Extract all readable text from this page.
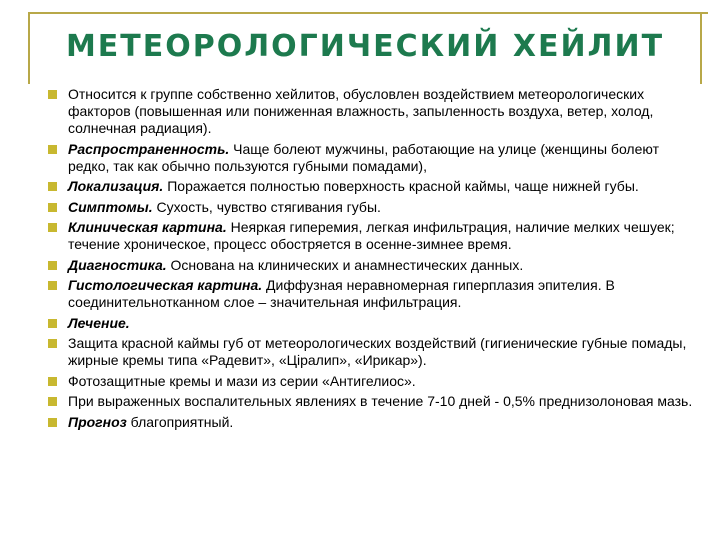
МЕТЕОРОЛОГИЧЕСКИЙ ХЕЙЛИТ
Относится к группе собственно хейлитов, обусловлен воздействием метеорологических факторов (повышенная или пониженная влажность, запыленность воздуха, ветер, холод, солнечная радиация).
Распространенность. Чаще болеют мужчины, работающие на улице (женщины болеют редко, так как обычно пользуются губными помадами),
Локализация. Поражается полностью поверхность красной каймы, чаще нижней губы.
Симптомы. Сухость, чувство стягивания губы.
Клиническая картина. Неяркая гиперемия, легкая инфильтрация, наличие мелких чешуек; течение хроническое, процесс обостряется в осенне-зимнее время.
Диагностика. Основана на клинических и анамнестических данных.
Гистологическая картина. Диффузная неравномерная гиперплазия эпителия. В соединительнотканном слое – значительная инфильтрация.
Лечение.
Защита красной каймы губ от метеорологических воздействий (гигиенические губные помады, жирные кремы типа «Радевит», «Ціралип», «Ирикар»).
Фотозащитные кремы и мази из серии «Антигелиос».
При выраженных воспалительных явлениях в течение 7-10 дней - 0,5% преднизолоновая мазь.
Прогноз благоприятный.
